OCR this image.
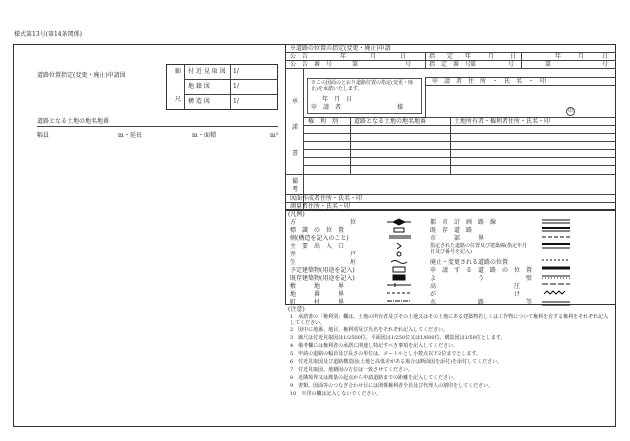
様式第13号(第14条関係)
道路位置指定(変更・廃止)申請図
縮
尺
付 近 見 取 図 1/
地 籍 図	1/
構 造 図	1/
道路となる土地の地名地番
幅員	m ・延長	m ・面積	m²
※道路の位置の指定(変更・廃止)申請
公　告	年	月	日	指　　定 年	月	日	年	月	日
公　告　番　号	第	号	指　定　番　号
第	号	第	号
承
諾
書
※この図面のとおり道路位置の指定(変更・廃止)を承諾いたします。
年　月　日
申　請　者	様
申　請　者　住　所　・　氏　名　・　印
印
権　利　別	道路となる土地の地名地番	土地所有者・権利者住所・氏名・印
備
考
図面作成者住所・氏名・印
測量者住所・氏名・印
(凡例)
方　　　　　　　　　位
標　識　の　位　置
側(構造を記入のこと)
主　要　出　入　口
井　　　　　　　　　戸
生　　　　　　　　　垣
予定建築物(用途を記入)
既存建築物(用途を記入)
敷　　　地　　　界
地　　　番　　　界
町　　　村　　　界
都　市　計　画　路　線
既　存　道　路
市　　　部　　　界
指定された道路の位置及び建築線(指定年月日及び番号を記入)
廃止・変更される道路の位置
申　請　す　る　道　路　の　位　置
よ　　　　　　　う　　　　　　　壁
高　　　　　　　　　　　　　圧
が　　　　　　　　　　　　　け
水　　　　　　　路　　　　　　　等
(注意)
1　承諾書の「権利別」欄は、土地の所有者及びその土地又はその土地にある建築物若しくは工作物について権利を有する権利をそれぞれ記入してください。
2　図中に地番、地目、権利別及び氏名をそれぞれ記入してください。
3　縮尺は付近見取図は1/2500位、平面図は1/250位又は1/600位、構造図は1/50位とします。
4　備考欄には権利者の承諾に関連し特記すべき事項を記入してください。
5　申請の道路の幅員及び長さの単位は、メートルとし小数点以下2位までとします。
6　付近見取図及び道路構造図(土地と高低差がある場合は断面図を添付)を添付してください。
7　付近見取図、地籍図の方位は一致させてください。
8　近隣境界又は測量の起点から申請道路までの距離を記入してください。
9　書類、図面等のつなぎ合わせ目には関係権利者全員及び代理人の割印をしてください。
10　※印の欄は記入しないでください。
